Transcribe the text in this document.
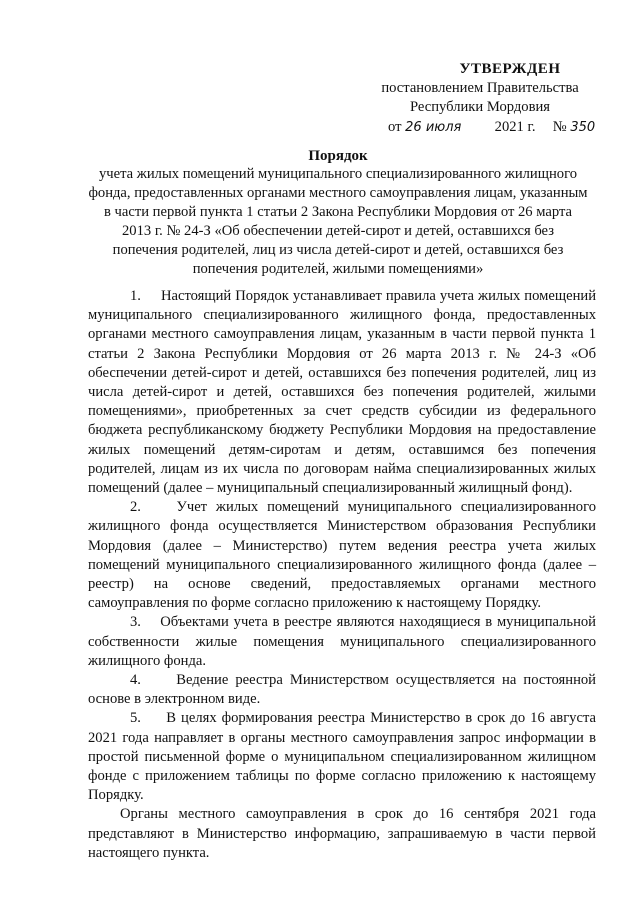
УТВЕРЖДЕН
постановлением Правительства
Республики Мордовия
от 26 июля 2021 г. № 350
Порядок
учета жилых помещений муниципального специализированного жилищного фонда, предоставленных органами местного самоуправления лицам, указанным в части первой пункта 1 статьи 2 Закона Республики Мордовия от 26 марта 2013 г. № 24-З «Об обеспечении детей-сирот и детей, оставшихся без попечения родителей, лиц из числа детей-сирот и детей, оставшихся без попечения родителей, жилыми помещениями»

1.     Настоящий Порядок устанавливает правила учета жилых помещений муниципального специализированного жилищного фонда, предоставленных органами местного самоуправления лицам, указанным в части первой пункта 1 статьи 2 Закона Республики Мордовия от 26 марта 2013 г. № 24-З «Об обеспечении детей-сирот и детей, оставшихся без попечения родителей, лиц из числа детей-сирот и детей, оставшихся без попечения родителей, жилыми помещениями», приобретенных за счет средств субсидии из федерального бюджета республиканскому бюджету Республики Мордовия на предоставление жилых помещений детям-сиротам и детям, оставшимся без попечения родителей, лицам из их числа по договорам найма специализированных жилых помещений (далее – муниципальный специализированный жилищный фонд).

2.    Учет жилых помещений муниципального специализированного жилищного фонда осуществляется Министерством образования Республики Мордовия (далее – Министерство) путем ведения реестра учета жилых помещений муниципального специализированного жилищного фонда (далее – реестр) на основе сведений, предоставляемых органами местного самоуправления по форме согласно приложению к настоящему Порядку.

3.    Объектами учета в реестре являются находящиеся в муниципальной собственности жилые помещения муниципального специализированного жилищного фонда.

4.     Ведение реестра Министерством осуществляется на постоянной основе в электронном виде.

5.     В целях формирования реестра Министерство в срок до 16 августа 2021 года направляет в органы местного самоуправления запрос информации в простой письменной форме о муниципальном специализированном жилищном фонде с приложением таблицы по форме согласно приложению к настоящему Порядку.

Органы местного самоуправления в срок до 16 сентября 2021 года представляют в Министерство информацию, запрашиваемую в части первой настоящего пункта.
